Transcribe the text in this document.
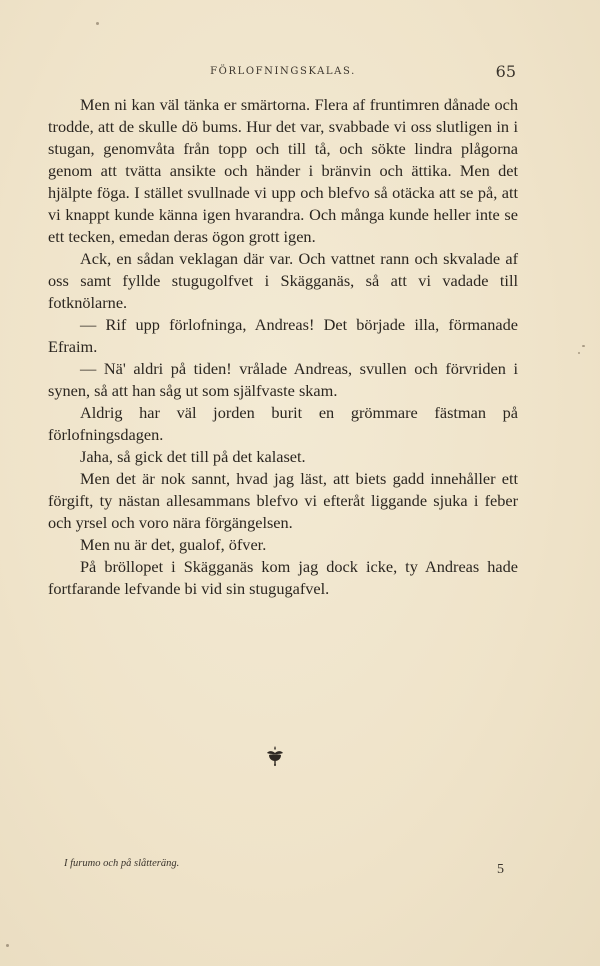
FÖRLOFNINGSKALAS.	65

Men ni kan väl tänka er smärtorna. Flera af fruntimren dånade och trodde, att de skulle dö bums. Hur det var, svabbade vi oss slutligen in i stugan, genomvåta från topp och till tå, och sökte lindra plågorna genom att tvätta ansikte och händer i bränvin och ättika. Men det hjälpte föga. I stället svullnade vi upp och blefvo så otäcka att se på, att vi knappt kunde känna igen hvarandra. Och många kunde heller inte se ett tecken, emedan deras ögon grott igen.

Ack, en sådan veklagan där var. Och vattnet rann och skvalade af oss samt fyllde stugugolfvet i Skägganäs, så att vi vadade till fotknölarne.

— Rif upp förlofninga, Andreas! Det började illa, förmanade Efraim.

— Nä' aldri på tiden! vrålade Andreas, svullen och förvriden i synen, så att han såg ut som själfvaste skam.

Aldrig har väl jorden burit en grömmare fästman på förlofningsdagen.

Jaha, så gick det till på det kalaset.

Men det är nok sannt, hvad jag läst, att biets gadd innehåller ett förgift, ty nästan allesammans blefvo vi efteråt liggande sjuka i feber och yrsel och voro nära förgängelsen.

Men nu är det, gualof, öfver.

På bröllopet i Skägganäs kom jag dock icke, ty Andreas hade fortfarande lefvande bi vid sin stugugafvel.

I furumo och på slåtteräng.	5
